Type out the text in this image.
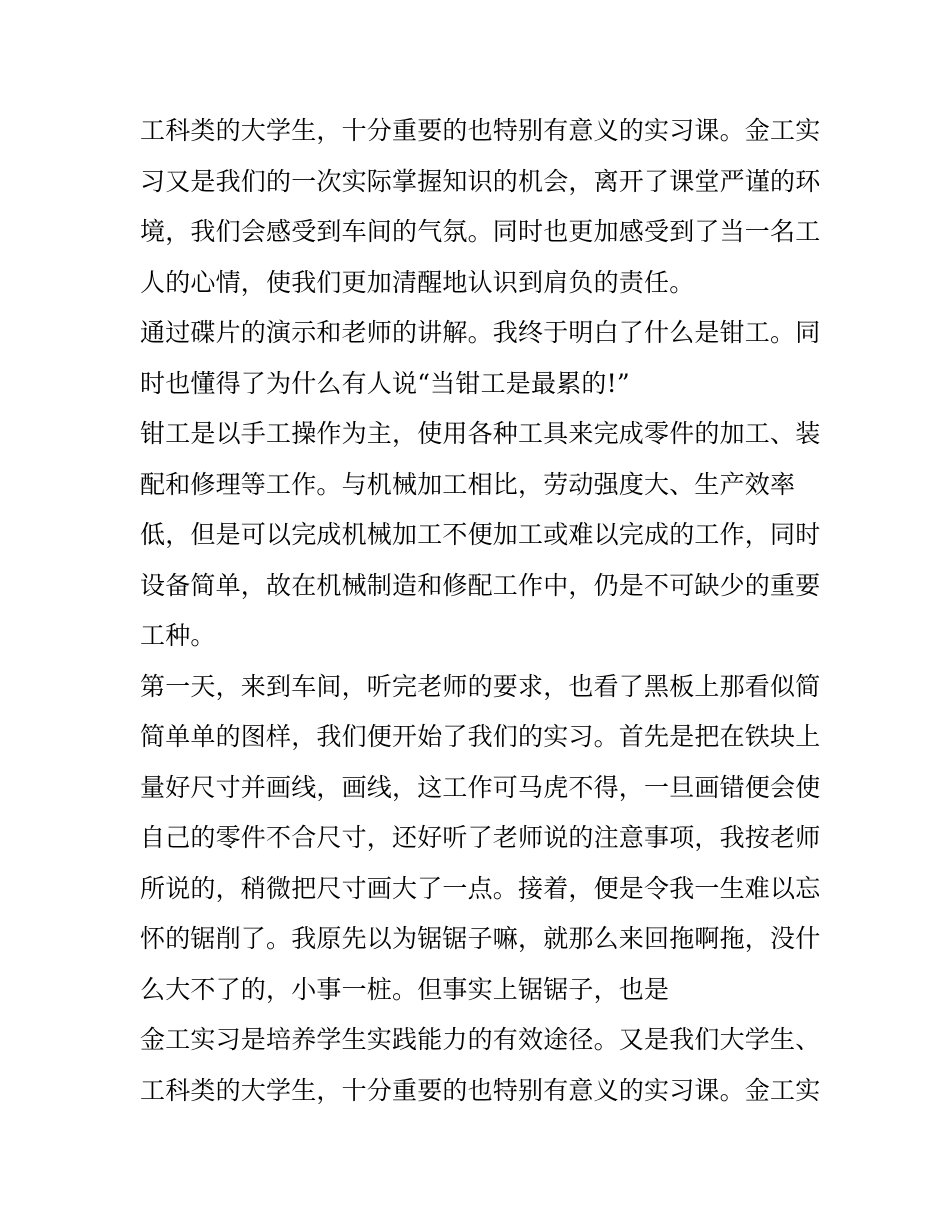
工科类的大学生，十分重要的也特别有意义的实习课。金工实
习又是我们的一次实际掌握知识的机会，离开了课堂严谨的环
境，我们会感受到车间的气氛。同时也更加感受到了当一名工
人的心情，使我们更加清醒地认识到肩负的责任。
通过碟片的演示和老师的讲解。我终于明白了什么是钳工。同
时也懂得了为什么有人说“当钳工是最累的!”
钳工是以手工操作为主，使用各种工具来完成零件的加工、装
配和修理等工作。与机械加工相比，劳动强度大、生产效率
低，但是可以完成机械加工不便加工或难以完成的工作，同时
设备简单，故在机械制造和修配工作中，仍是不可缺少的重要
工种。
第一天，来到车间，听完老师的要求，也看了黑板上那看似简
简单单的图样，我们便开始了我们的实习。首先是把在铁块上
量好尺寸并画线，画线，这工作可马虎不得，一旦画错便会使
自己的零件不合尺寸，还好听了老师说的注意事项，我按老师
所说的，稍微把尺寸画大了一点。接着，便是令我一生难以忘
怀的锯削了。我原先以为锯锯子嘛，就那么来回拖啊拖，没什
么大不了的，小事一桩。但事实上锯锯子，也是
金工实习是培养学生实践能力的有效途径。又是我们大学生、
工科类的大学生，十分重要的也特别有意义的实习课。金工实
